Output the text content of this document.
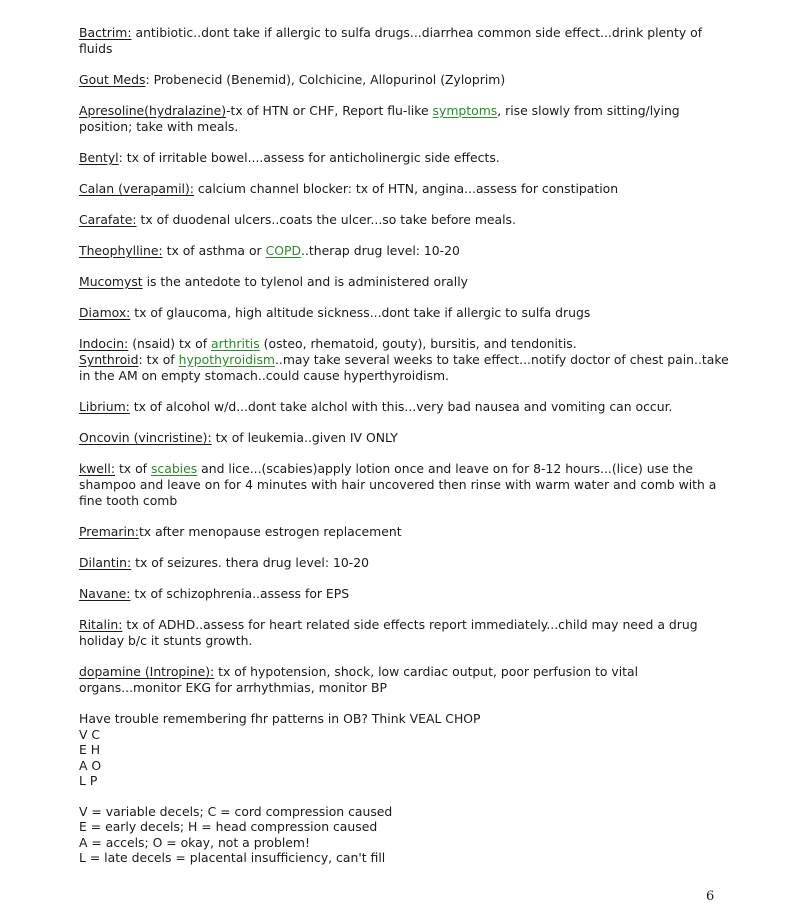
Bactrim: antibiotic..dont take if allergic to sulfa drugs...diarrhea common side effect...drink plenty of fluids
Gout Meds: Probenecid (Benemid), Colchicine, Allopurinol (Zyloprim)
Apresoline(hydralazine)-tx of HTN or CHF, Report flu-like symptoms, rise slowly from sitting/lying position; take with meals.
Bentyl: tx of irritable bowel....assess for anticholinergic side effects.
Calan (verapamil): calcium channel blocker: tx of HTN, angina...assess for constipation
Carafate: tx of duodenal ulcers..coats the ulcer...so take before meals.
Theophylline: tx of asthma or COPD..therap drug level: 10-20
Mucomyst is the antedote to tylenol and is administered orally
Diamox: tx of glaucoma, high altitude sickness...dont take if allergic to sulfa drugs
Indocin: (nsaid) tx of arthritis (osteo, rhematoid, gouty), bursitis, and tendonitis.
Synthroid: tx of hypothyroidism..may take several weeks to take effect...notify doctor of chest pain..take in the AM on empty stomach..could cause hyperthyroidism.
Librium: tx of alcohol w/d...dont take alchol with this...very bad nausea and vomiting can occur.
Oncovin (vincristine): tx of leukemia..given IV ONLY
kwell: tx of scabies and lice...(scabies)apply lotion once and leave on for 8-12 hours...(lice) use the shampoo and leave on for 4 minutes with hair uncovered then rinse with warm water and comb with a fine tooth comb
Premarin:tx after menopause estrogen replacement
Dilantin: tx of seizures. thera drug level: 10-20
Navane: tx of schizophrenia..assess for EPS
Ritalin: tx of ADHD..assess for heart related side effects report immediately...child may need a drug holiday b/c it stunts growth.
dopamine (Intropine): tx of hypotension, shock, low cardiac output, poor perfusion to vital organs...monitor EKG for arrhythmias, monitor BP
Have trouble remembering fhr patterns in OB? Think VEAL CHOP
V C
E H
A O
L P
V = variable decels; C = cord compression caused
E = early decels; H = head compression caused
A = accels; O = okay, not a problem!
L = late decels = placental insufficiency, can't fill
6
